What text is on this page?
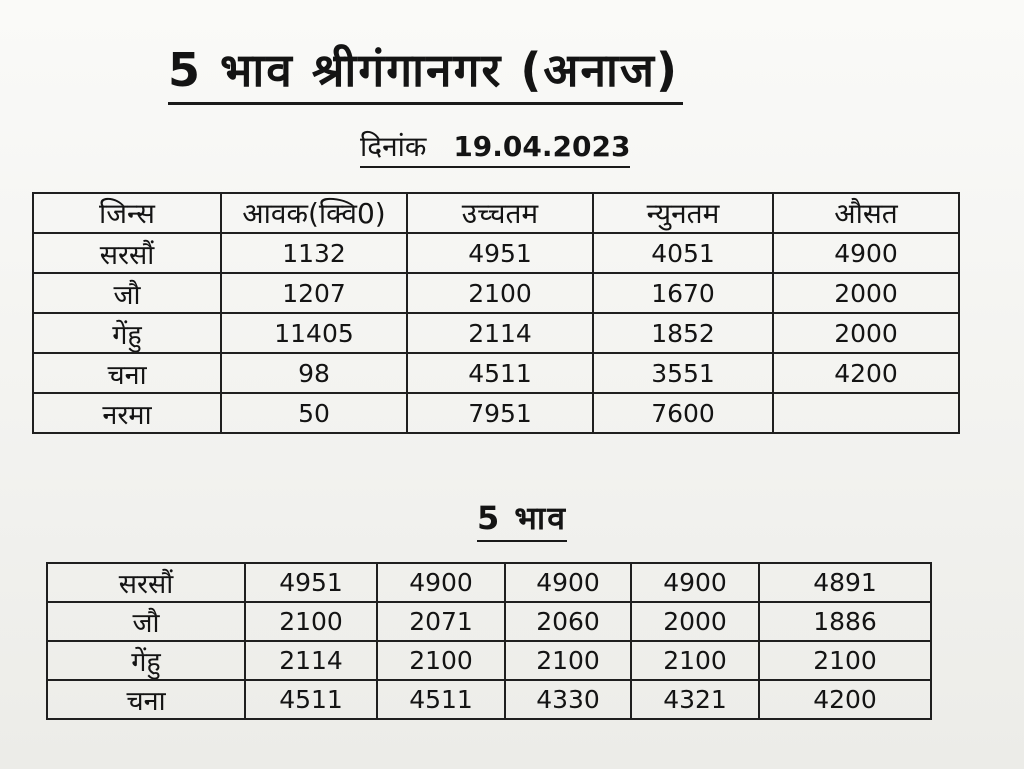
5 भाव श्रीगंगानगर (अनाज)
दिनांक 19.04.2023
जिन्स	आवक(क्वि0)	उच्चतम	न्युनतम	औसत
सरसौं	1132	4951	4051	4900
जौ	1207	2100	1670	2000
गेंहु	11405	2114	1852	2000
चना	98	4511	3551	4200
नरमा	50	7951	7600	
5 भाव
सरसौं	4951	4900	4900	4900	4891
जौ	2100	2071	2060	2000	1886
गेंहु	2114	2100	2100	2100	2100
चना	4511	4511	4330	4321	4200
